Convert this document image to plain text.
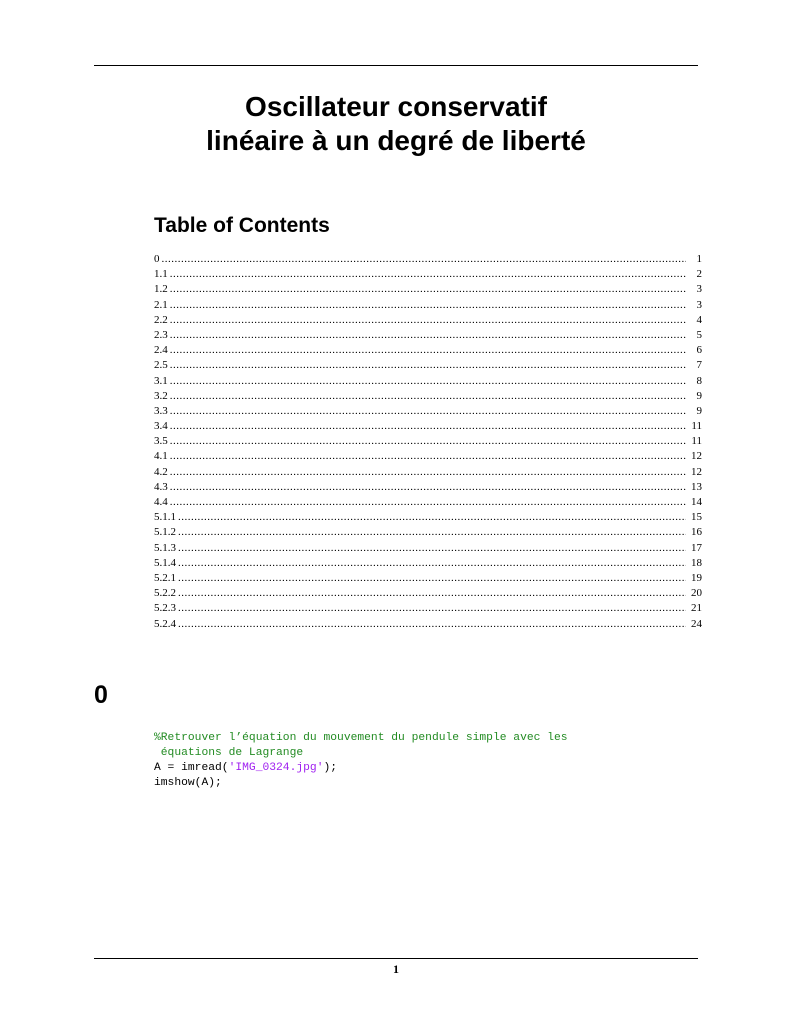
Oscillateur conservatif
linéaire à un degré de liberté
Table of Contents
0 .....	1
1.1 .....	2
1.2 .....	3
2.1 .....	3
2.2 .....	4
2.3 .....	5
2.4 .....	6
2.5 .....	7
3.1 .....	8
3.2 .....	9
3.3 .....	9
3.4 .....	11
3.5 .....	11
4.1 .....	12
4.2 .....	12
4.3 .....	13
4.4 .....	14
5.1.1 .....	15
5.1.2 .....	16
5.1.3 .....	17
5.1.4 .....	18
5.2.1 .....	19
5.2.2 .....	20
5.2.3 .....	21
5.2.4 .....	24
0
%Retrouver l’équation du mouvement du pendule simple avec les
équations de Lagrange
A = imread('IMG_0324.jpg');
imshow(A);
1
